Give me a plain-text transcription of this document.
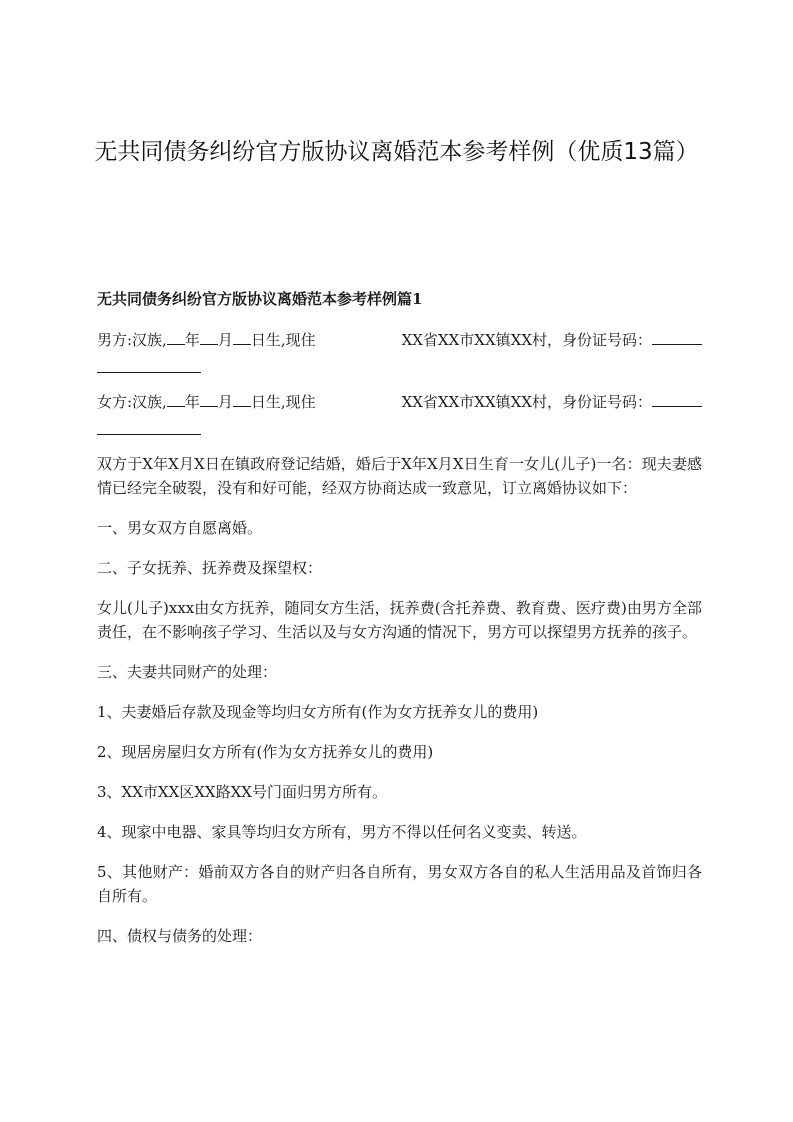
无共同债务纠纷官方版协议离婚范本参考样例（优质13篇）
无共同债务纠纷官方版协议离婚范本参考样例篇1
男方:汉族, 年 月 日生,现住	XX省XX市XX镇XX村，身份证号码：
女方:汉族, 年 月 日生,现住	XX省XX市XX镇XX村，身份证号码：

双方于X年X月X日在镇政府登记结婚，婚后于X年X月X日生育一女儿(儿子)一名：现夫妻感情已经完全破裂，没有和好可能，经双方协商达成一致意见，订立离婚协议如下：

一、男女双方自愿离婚。

二、子女抚养、抚养费及探望权：

女儿(儿子)xxx由女方抚养，随同女方生活，抚养费(含托养费、教育费、医疗费)由男方全部责任，在不影响孩子学习、生活以及与女方沟通的情况下，男方可以探望男方抚养的孩子。

三、夫妻共同财产的处理：

1、夫妻婚后存款及现金等均归女方所有(作为女方抚养女儿的费用)

2、现居房屋归女方所有(作为女方抚养女儿的费用)

3、XX市XX区XX路XX号门面归男方所有。

4、现家中电器、家具等均归女方所有，男方不得以任何名义变卖、转送。

5、其他财产：婚前双方各自的财产归各自所有，男女双方各自的私人生活用品及首饰归各自所有。

四、债权与债务的处理：
